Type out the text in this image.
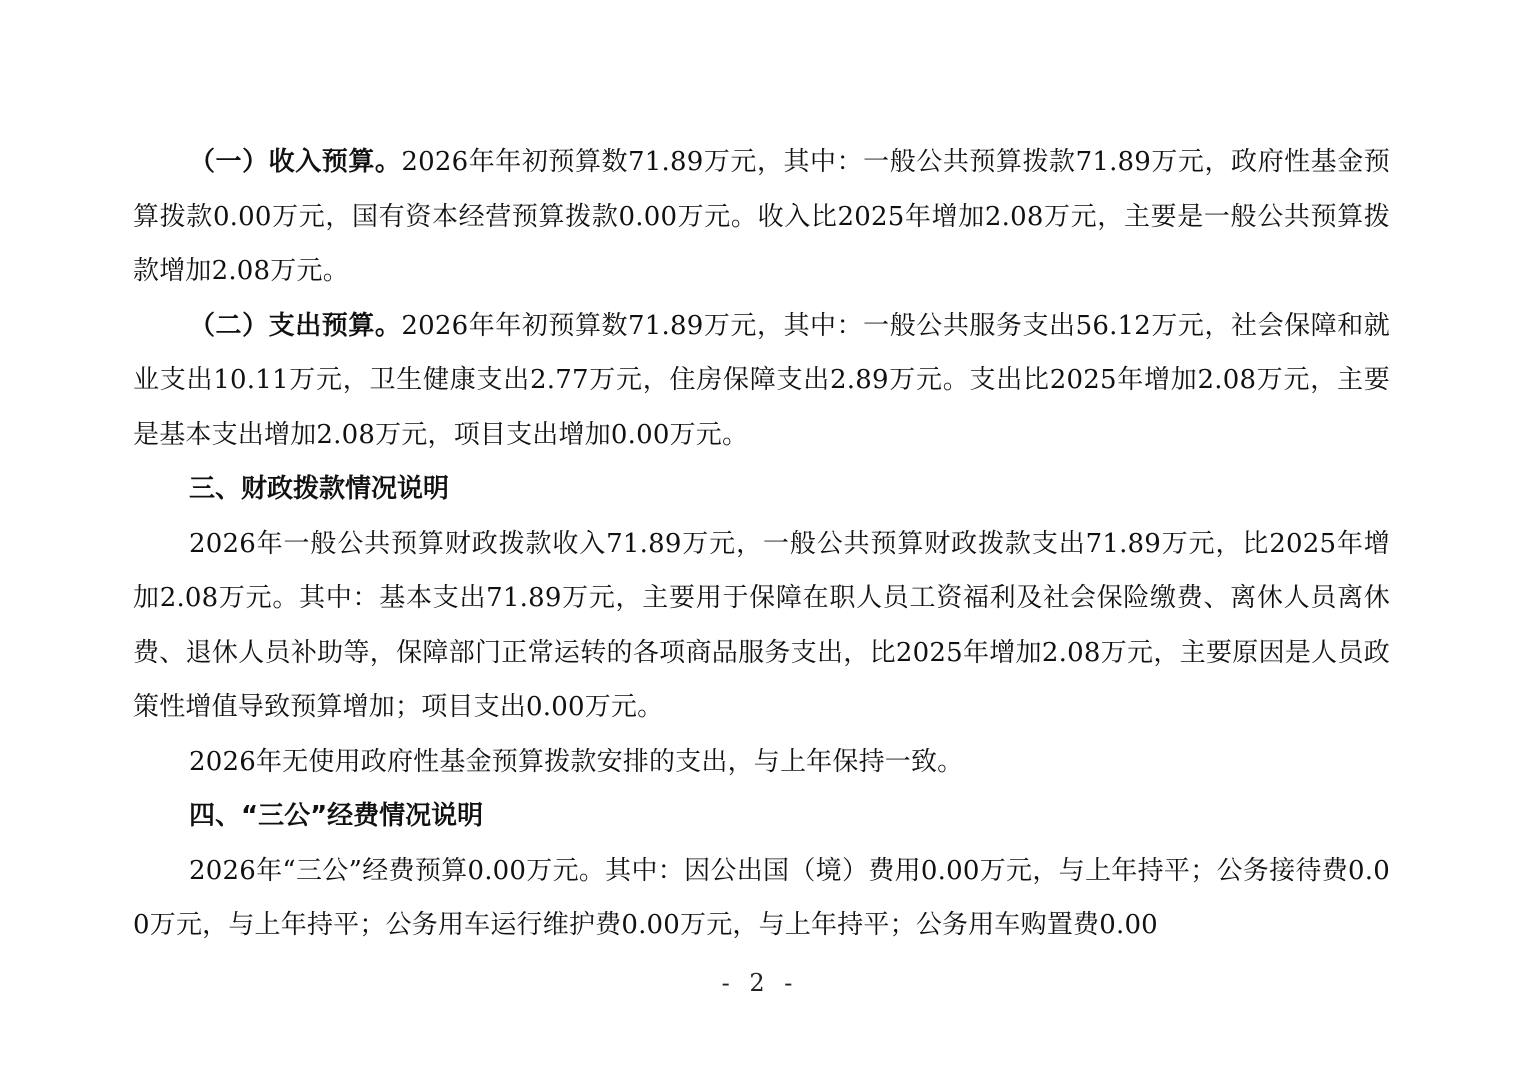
（一）收入预算。2026年年初预算数71.89万元，其中：一般公共预算拨款71.89万元，政府性基金预算拨款0.00万元，国有资本经营预算拨款0.00万元。收入比2025年增加2.08万元，主要是一般公共预算拨款增加2.08万元。

（二）支出预算。2026年年初预算数71.89万元，其中：一般公共服务支出56.12万元，社会保障和就业支出10.11万元，卫生健康支出2.77万元，住房保障支出2.89万元。支出比2025年增加2.08万元，主要是基本支出增加2.08万元，项目支出增加0.00万元。

三、财政拨款情况说明

2026年一般公共预算财政拨款收入71.89万元，一般公共预算财政拨款支出71.89万元，比2025年增加2.08万元。其中：基本支出71.89万元，主要用于保障在职人员工资福利及社会保险缴费、离休人员离休费、退休人员补助等，保障部门正常运转的各项商品服务支出，比2025年增加2.08万元，主要原因是人员政策性增值导致预算增加；项目支出0.00万元。

2026年无使用政府性基金预算拨款安排的支出，与上年保持一致。

四、“三公”经费情况说明

2026年“三公”经费预算0.00万元。其中：因公出国（境）费用0.00万元，与上年持平；公务接待费0.00万元，与上年持平；公务用车运行维护费0.00万元，与上年持平；公务用车购置费0.00

- 2 -
